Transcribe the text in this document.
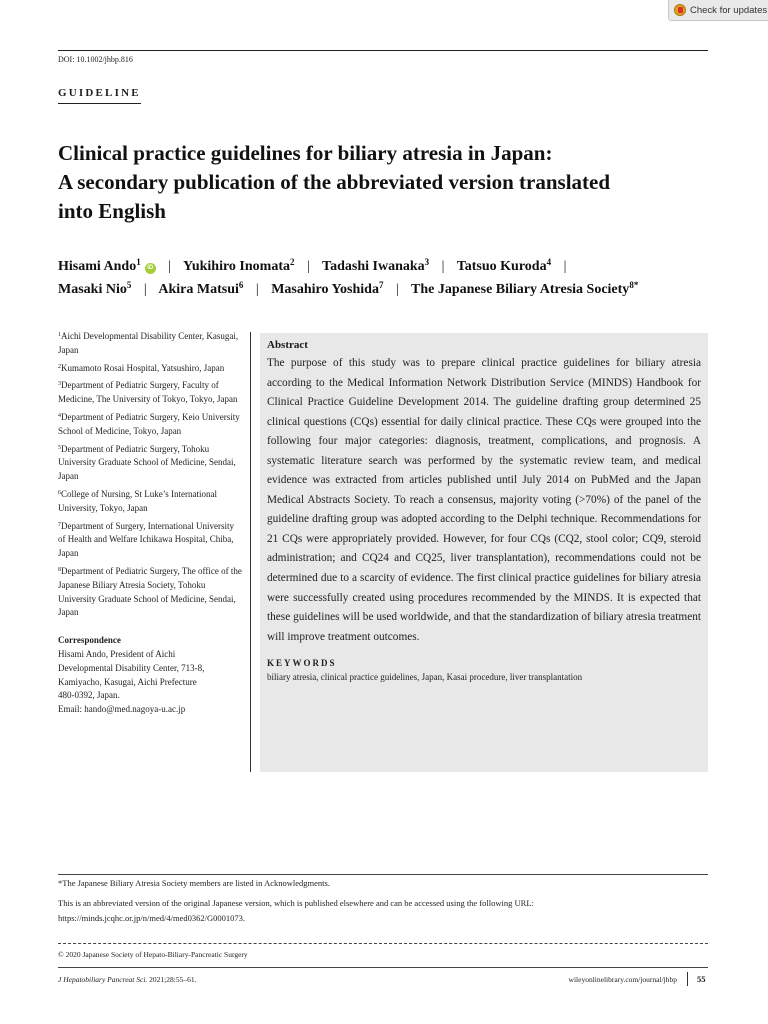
Check for updates
DOI: 10.1002/jhbp.816
GUIDELINE
Clinical practice guidelines for biliary atresia in Japan:
A secondary publication of the abbreviated version translated
into English
Hisami Ando$^1$iD | Yukihiro Inomata$^2$ | Tadashi Iwanaka$^3$ | Tatsuo Kuroda$^4$ |
Masaki Nio$^5$ | Akira Matsui$^6$ | Masahiro Yoshida$^7$ | The Japanese Biliary Atresia Society$^{8*}$
$^1$Aichi Developmental Disability Center, Kasugai, Japan
$^2$Kumamoto Rosai Hospital, Yatsushiro, Japan
$^3$Department of Pediatric Surgery, Faculty of Medicine, The University of Tokyo, Tokyo, Japan
$^4$Department of Pediatric Surgery, Keio University School of Medicine, Tokyo, Japan
$^5$Department of Pediatric Surgery, Tohoku University Graduate School of Medicine, Sendai, Japan
$^6$College of Nursing, St Luke’s International University, Tokyo, Japan
$^7$Department of Surgery, International University of Health and Welfare Ichikawa Hospital, Chiba, Japan
$^8$Department of Pediatric Surgery, The office of the Japanese Biliary Atresia Society, Tohoku University Graduate School of Medicine, Sendai, Japan
Correspondence
Hisami Ando, President of Aichi
Developmental Disability Center, 713-8,
Kamiyacho, Kasugai, Aichi Prefecture
480-0392, Japan.
Email: hando@med.nagoya-u.ac.jp
Abstract

The purpose of this study was to prepare clinical practice guidelines for biliary atresia according to the Medical Information Network Distribution Service (MINDS) Handbook for Clinical Practice Guideline Development 2014. The guideline drafting group determined 25 clinical questions (CQs) essential for daily clinical practice. These CQs were grouped into the following four major categories: diagnosis, treatment, complications, and prognosis. A systematic literature search was performed by the systematic review team, and medical evidence was extracted from articles published until July 2014 on PubMed and the Japan Medical Abstracts Society. To reach a consensus, majority voting (>70%) of the panel of the guideline drafting group was adopted according to the Delphi technique. Recommendations for 21 CQs were appropriately provided. However, for four CQs (CQ2, stool color; CQ9, steroid administration; and CQ24 and CQ25, liver transplantation), recommendations could not be determined due to a scarcity of evidence. The first clinical practice guidelines for biliary atresia were successfully created using procedures recommended by the MINDS. It is expected that these guidelines will be used worldwide, and that the standardization of biliary atresia treatment will improve treatment outcomes.

KEYWORDS
biliary atresia, clinical practice guidelines, Japan, Kasai procedure, liver transplantation
*The Japanese Biliary Atresia Society members are listed in Acknowledgments.
This is an abbreviated version of the original Japanese version, which is published elsewhere and can be accessed using the following URL: https://minds.jcqhc.or.jp/n/med/4/med0362/G0001073.
© 2020 Japanese Society of Hepato-Biliary-Pancreatic Surgery
J Hepatobiliary Pancreat Sci. 2021;28:55–61.	wileyonlinelibrary.com/journal/jhbp 55
